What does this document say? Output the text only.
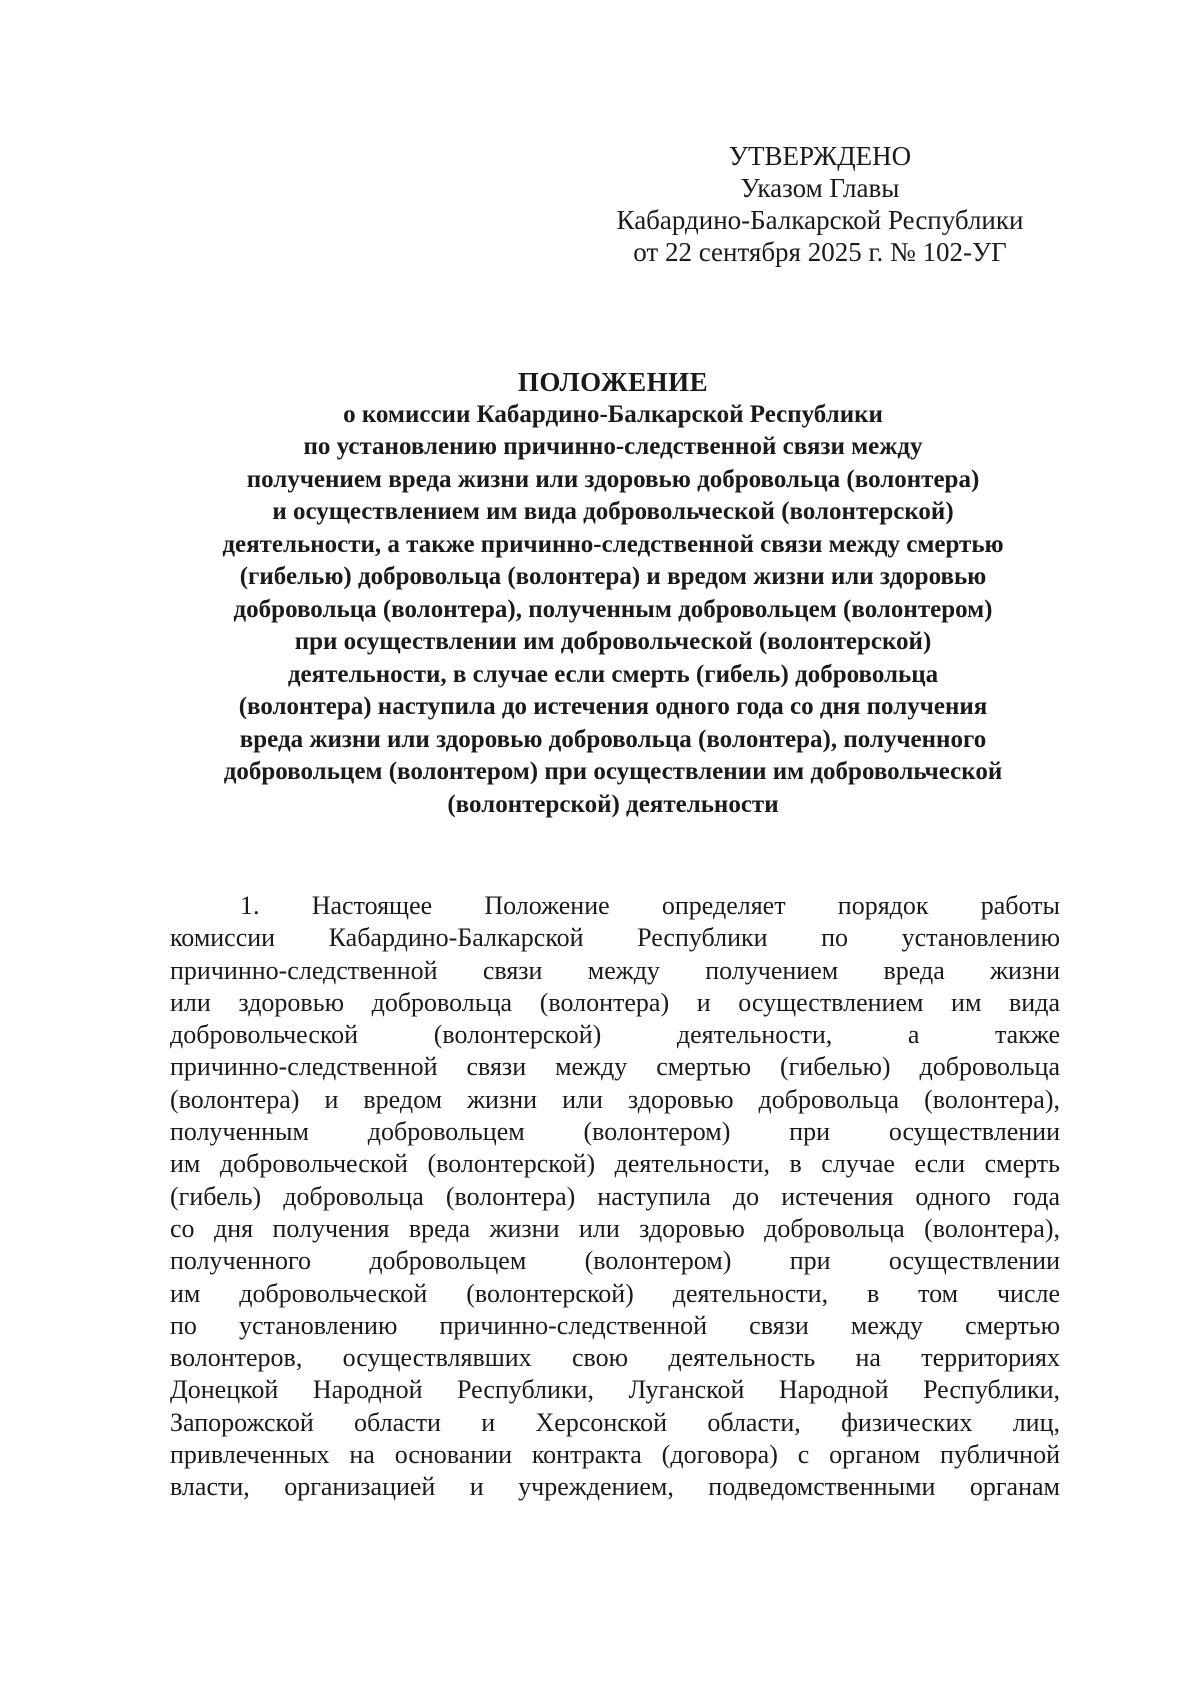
УТВЕРЖДЕНО
Указом Главы
Кабардино-Балкарской Республики
от 22 сентября 2025 г. № 102-УГ
ПОЛОЖЕНИЕ
о комиссии Кабардино-Балкарской Республики
по установлению причинно-следственной связи между
получением вреда жизни или здоровью добровольца (волонтера)
и осуществлением им вида добровольческой (волонтерской)
деятельности, а также причинно-следственной связи между смертью
(гибелью) добровольца (волонтера) и вредом жизни или здоровью
добровольца (волонтера), полученным добровольцем (волонтером)
при осуществлении им добровольческой (волонтерской)
деятельности, в случае если смерть (гибель) добровольца
(волонтера) наступила до истечения одного года со дня получения
вреда жизни или здоровью добровольца (волонтера), полученного
добровольцем (волонтером) при осуществлении им добровольческой
(волонтерской) деятельности
1. Настоящее Положение определяет порядок работы
комиссии Кабардино-Балкарской Республики по установлению
причинно-следственной связи между получением вреда жизни
или здоровью добровольца (волонтера) и осуществлением им вида
добровольческой (волонтерской) деятельности, а также
причинно-следственной связи между смертью (гибелью) добровольца
(волонтера) и вредом жизни или здоровью добровольца (волонтера),
полученным добровольцем (волонтером) при осуществлении
им добровольческой (волонтерской) деятельности, в случае если смерть
(гибель) добровольца (волонтера) наступила до истечения одного года
со дня получения вреда жизни или здоровью добровольца (волонтера),
полученного добровольцем (волонтером) при осуществлении
им добровольческой (волонтерской) деятельности, в том числе
по установлению причинно-следственной связи между смертью
волонтеров, осуществлявших свою деятельность на территориях
Донецкой Народной Республики, Луганской Народной Республики,
Запорожской области и Херсонской области, физических лиц,
привлеченных на основании контракта (договора) с органом публичной
власти, организацией и учреждением, подведомственными органам
